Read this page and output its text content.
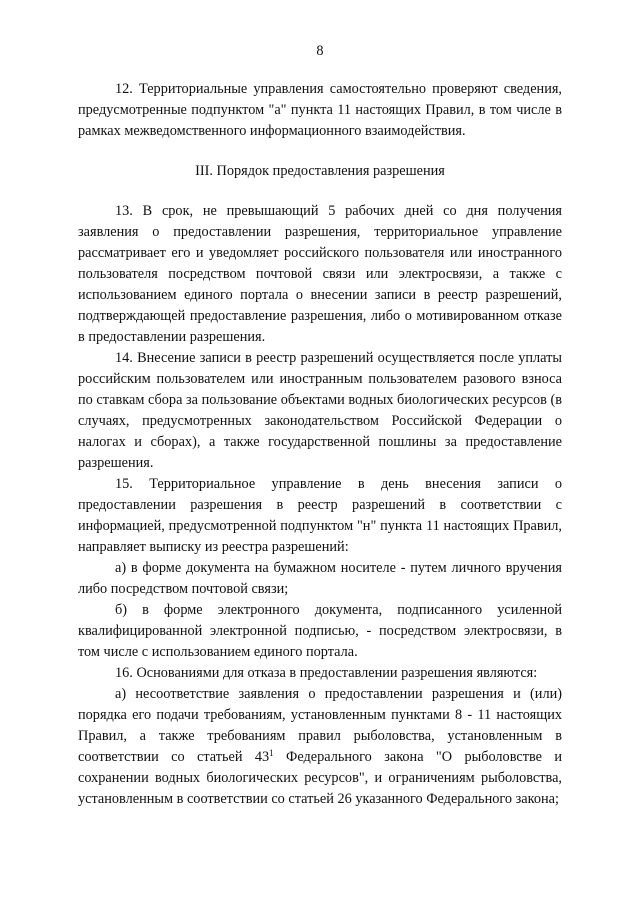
8

12. Территориальные управления самостоятельно проверяют сведения, предусмотренные подпунктом "а" пункта 11 настоящих Правил, в том числе в рамках межведомственного информационного взаимодействия.

III. Порядок предоставления разрешения

13. В срок, не превышающий 5 рабочих дней со дня получения заявления о предоставлении разрешения, территориальное управление рассматривает его и уведомляет российского пользователя или иностранного пользователя посредством почтовой связи или электросвязи, а также с использованием единого портала о внесении записи в реестр разрешений, подтверждающей предоставление разрешения, либо о мотивированном отказе в предоставлении разрешения.

14. Внесение записи в реестр разрешений осуществляется после уплаты российским пользователем или иностранным пользователем разового взноса по ставкам сбора за пользование объектами водных биологических ресурсов (в случаях, предусмотренных законодательством Российской Федерации о налогах и сборах), а также государственной пошлины за предоставление разрешения.

15. Территориальное управление в день внесения записи о предоставлении разрешения в реестр разрешений в соответствии с информацией, предусмотренной подпунктом "н" пункта 11 настоящих Правил, направляет выписку из реестра разрешений:

а) в форме документа на бумажном носителе - путем личного вручения либо посредством почтовой связи;

б) в форме электронного документа, подписанного усиленной квалифицированной электронной подписью, - посредством электросвязи, в том числе с использованием единого портала.

16. Основаниями для отказа в предоставлении разрешения являются:

а) несоответствие заявления о предоставлении разрешения и (или) порядка его подачи требованиям, установленным пунктами 8 - 11 настоящих Правил, а также требованиям правил рыболовства, установленным в соответствии со статьей $43^1$ Федерального закона "О рыболовстве и сохранении водных биологических ресурсов", и ограничениям рыболовства, установленным в соответствии со статьей 26 указанного Федерального закона;
